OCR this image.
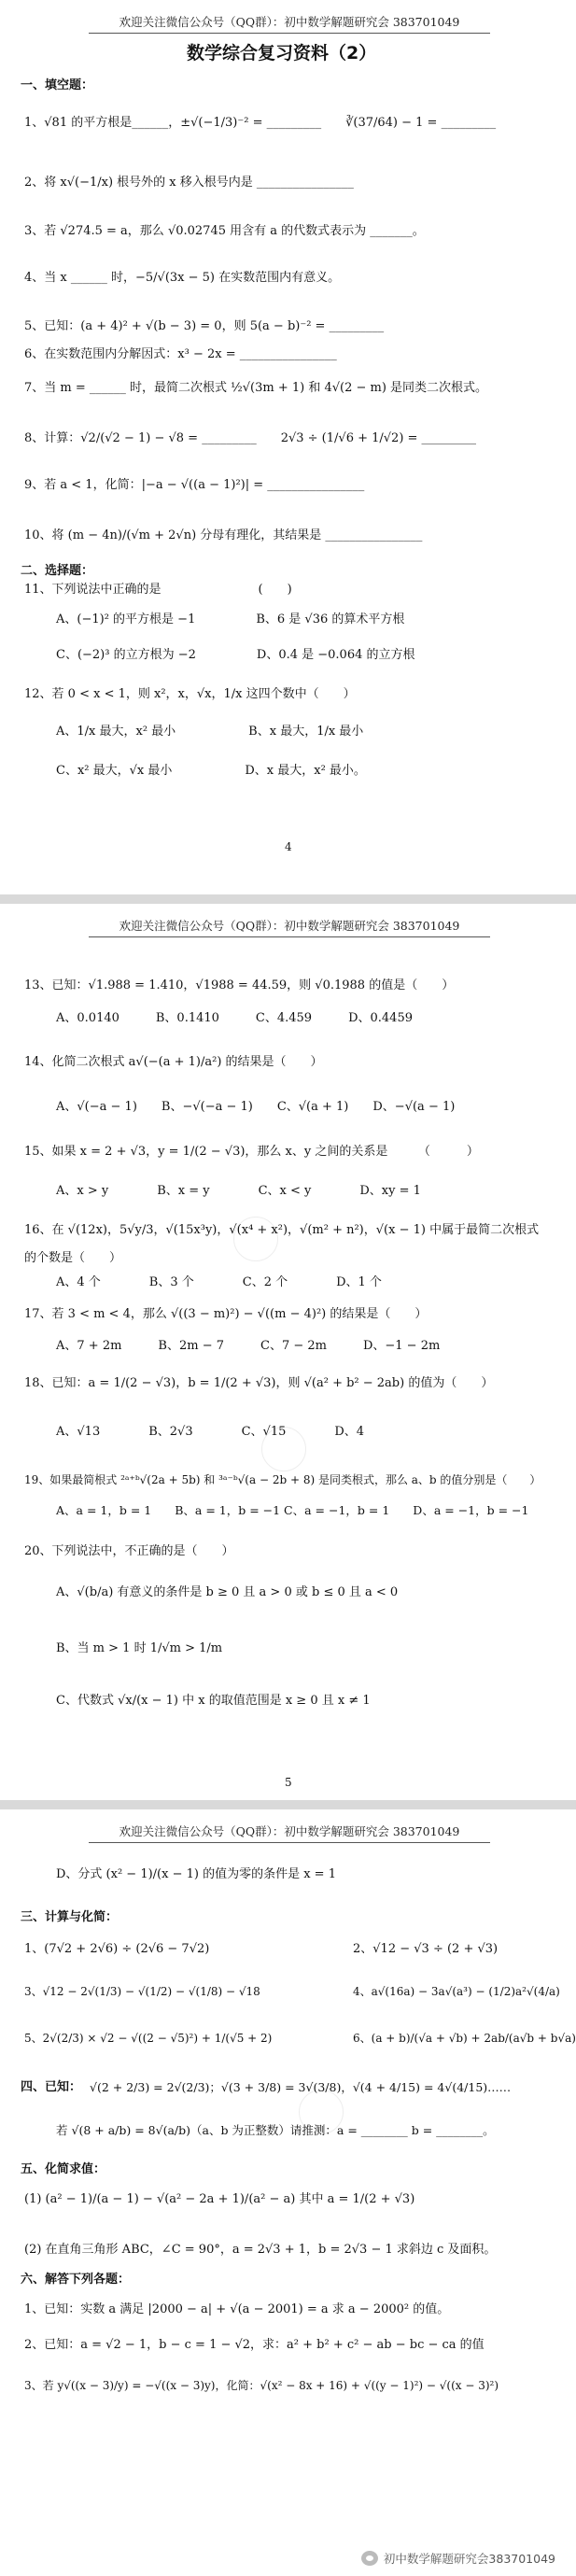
欢迎关注微信公众号（QQ群）：初中数学解题研究会 383701049
数学综合复习资料（2）
一、填空题：
1、√81 的平方根是______，±√(−1/3)⁻² = _________　　∛(37/64) − 1 = _________
2、将 x√(−1/x) 根号外的 x 移入根号内是 ________________
3、若 √274.5 = a，那么 √0.02745 用含有 a 的代数式表示为 _______。
4、当 x ______ 时，−5/√(3x − 5) 在实数范围内有意义。
5、已知：(a + 4)² + √(b − 3) = 0，则 5(a − b)⁻² = _________
6、在实数范围内分解因式：x³ − 2x = ________________
7、当 m = ______ 时，最简二次根式 ½√(3m + 1) 和 4√(2 − m) 是同类二次根式。
8、计算：√2/(√2 − 1) − √8 = _________　　2√3 ÷ (1/√6 + 1/√2) = _________
9、若 a < 1，化简：|−a − √((a − 1)²)| = ________________
10、将 (m − 4n)/(√m + 2√n) 分母有理化，其结果是 ________________
二、选择题：
11、下列说法中正确的是　　　　　　　　(　　)
A、(−1)² 的平方根是 −1　　　　　B、6 是 √36 的算术平方根
C、(−2)³ 的立方根为 −2　　　　　D、0.4 是 −0.064 的立方根
12、若 0 < x < 1，则 x²，x，√x，1/x 这四个数中（　　）
A、1/x 最大，x² 最小　　　　　　B、x 最大，1/x 最小
C、x² 最大，√x 最小　　　　　　D、x 最大，x² 最小。
4
欢迎关注微信公众号（QQ群）：初中数学解题研究会 383701049
13、已知：√1.988 = 1.410，√1988 = 44.59，则 √0.1988 的值是（　　）
A、0.0140　　　B、0.1410　　　C、4.459　　　D、0.4459
14、化简二次根式 a√(−(a + 1)/a²) 的结果是（　　）
A、√(−a − 1)　　B、−√(−a − 1)　　C、√(a + 1)　　D、−√(a − 1)
15、如果 x = 2 + √3，y = 1/(2 − √3)，那么 x、y 之间的关系是　　　（　　　）
A、x > y　　　　B、x = y　　　　C、x < y　　　　D、xy = 1
16、在 √(12x)，5√y/3，√(15x³y)，√(x⁴ + x²)，√(m² + n²)，√(x − 1) 中属于最简二次根式
的个数是（　　）
A、4 个　　　　B、3 个　　　　C、2 个　　　　D、1 个
17、若 3 < m < 4，那么 √((3 − m)²) − √((m − 4)²) 的结果是（　　）
A、7 + 2m　　　B、2m − 7　　　C、7 − 2m　　　D、−1 − 2m
18、已知：a = 1/(2 − √3)，b = 1/(2 + √3)，则 √(a² + b² − 2ab) 的值为（　　）
A、√13　　　　B、2√3　　　　C、√15　　　　D、4
19、如果最简根式 ²ᵃ⁺ᵇ√(2a + 5b) 和 ³ᵃ⁻ᵇ√(a − 2b + 8) 是同类根式，那么 a、b 的值分别是（　　）
A、a = 1，b = 1　　B、a = 1，b = −1 C、a = −1，b = 1　　D、a = −1，b = −1
20、下列说法中，不正确的是（　　）
A、√(b/a) 有意义的条件是 b ≥ 0 且 a > 0 或 b ≤ 0 且 a < 0
B、当 m > 1 时 1/√m > 1/m
C、代数式 √x/(x − 1) 中 x 的取值范围是 x ≥ 0 且 x ≠ 1
5
欢迎关注微信公众号（QQ群）：初中数学解题研究会 383701049
D、分式 (x² − 1)/(x − 1) 的值为零的条件是 x = 1
三、计算与化简：
1、(7√2 + 2√6) ÷ (2√6 − 7√2)	2、√12 − √3 ÷ (2 + √3)
3、√12 − 2√(1/3) − √(1/2) − √(1/8) − √18	4、a√(16a) − 3a√(a³) − (1/2)a²√(4/a)
5、2√(2/3) × √2 − √((2 − √5)²) + 1/(√5 + 2)	6、(a + b)/(√a + √b) + 2ab/(a√b + b√a)
四、已知： √(2 + 2/3) = 2√(2/3)；√(3 + 3/8) = 3√(3/8)，√(4 + 4/15) = 4√(4/15)……
若 √(8 + a/b) = 8√(a/b)（a、b 为正整数）请推测：a = ________ b = ________。
五、化简求值：
(1) (a² − 1)/(a − 1) − √(a² − 2a + 1)/(a² − a) 其中 a = 1/(2 + √3)
(2) 在直角三角形 ABC，∠C = 90°，a = 2√3 + 1，b = 2√3 − 1 求斜边 c 及面积。
六、解答下列各题：
1、已知：实数 a 满足 |2000 − a| + √(a − 2001) = a 求 a − 2000² 的值。
2、已知：a = √2 − 1，b − c = 1 − √2，求：a² + b² + c² − ab − bc − ca 的值
3、若 y√((x − 3)/y) = −√((x − 3)y)，化简：√(x² − 8x + 16) + √((y − 1)²) − √((x − 3)²)
初中数学解题研究会383701049
